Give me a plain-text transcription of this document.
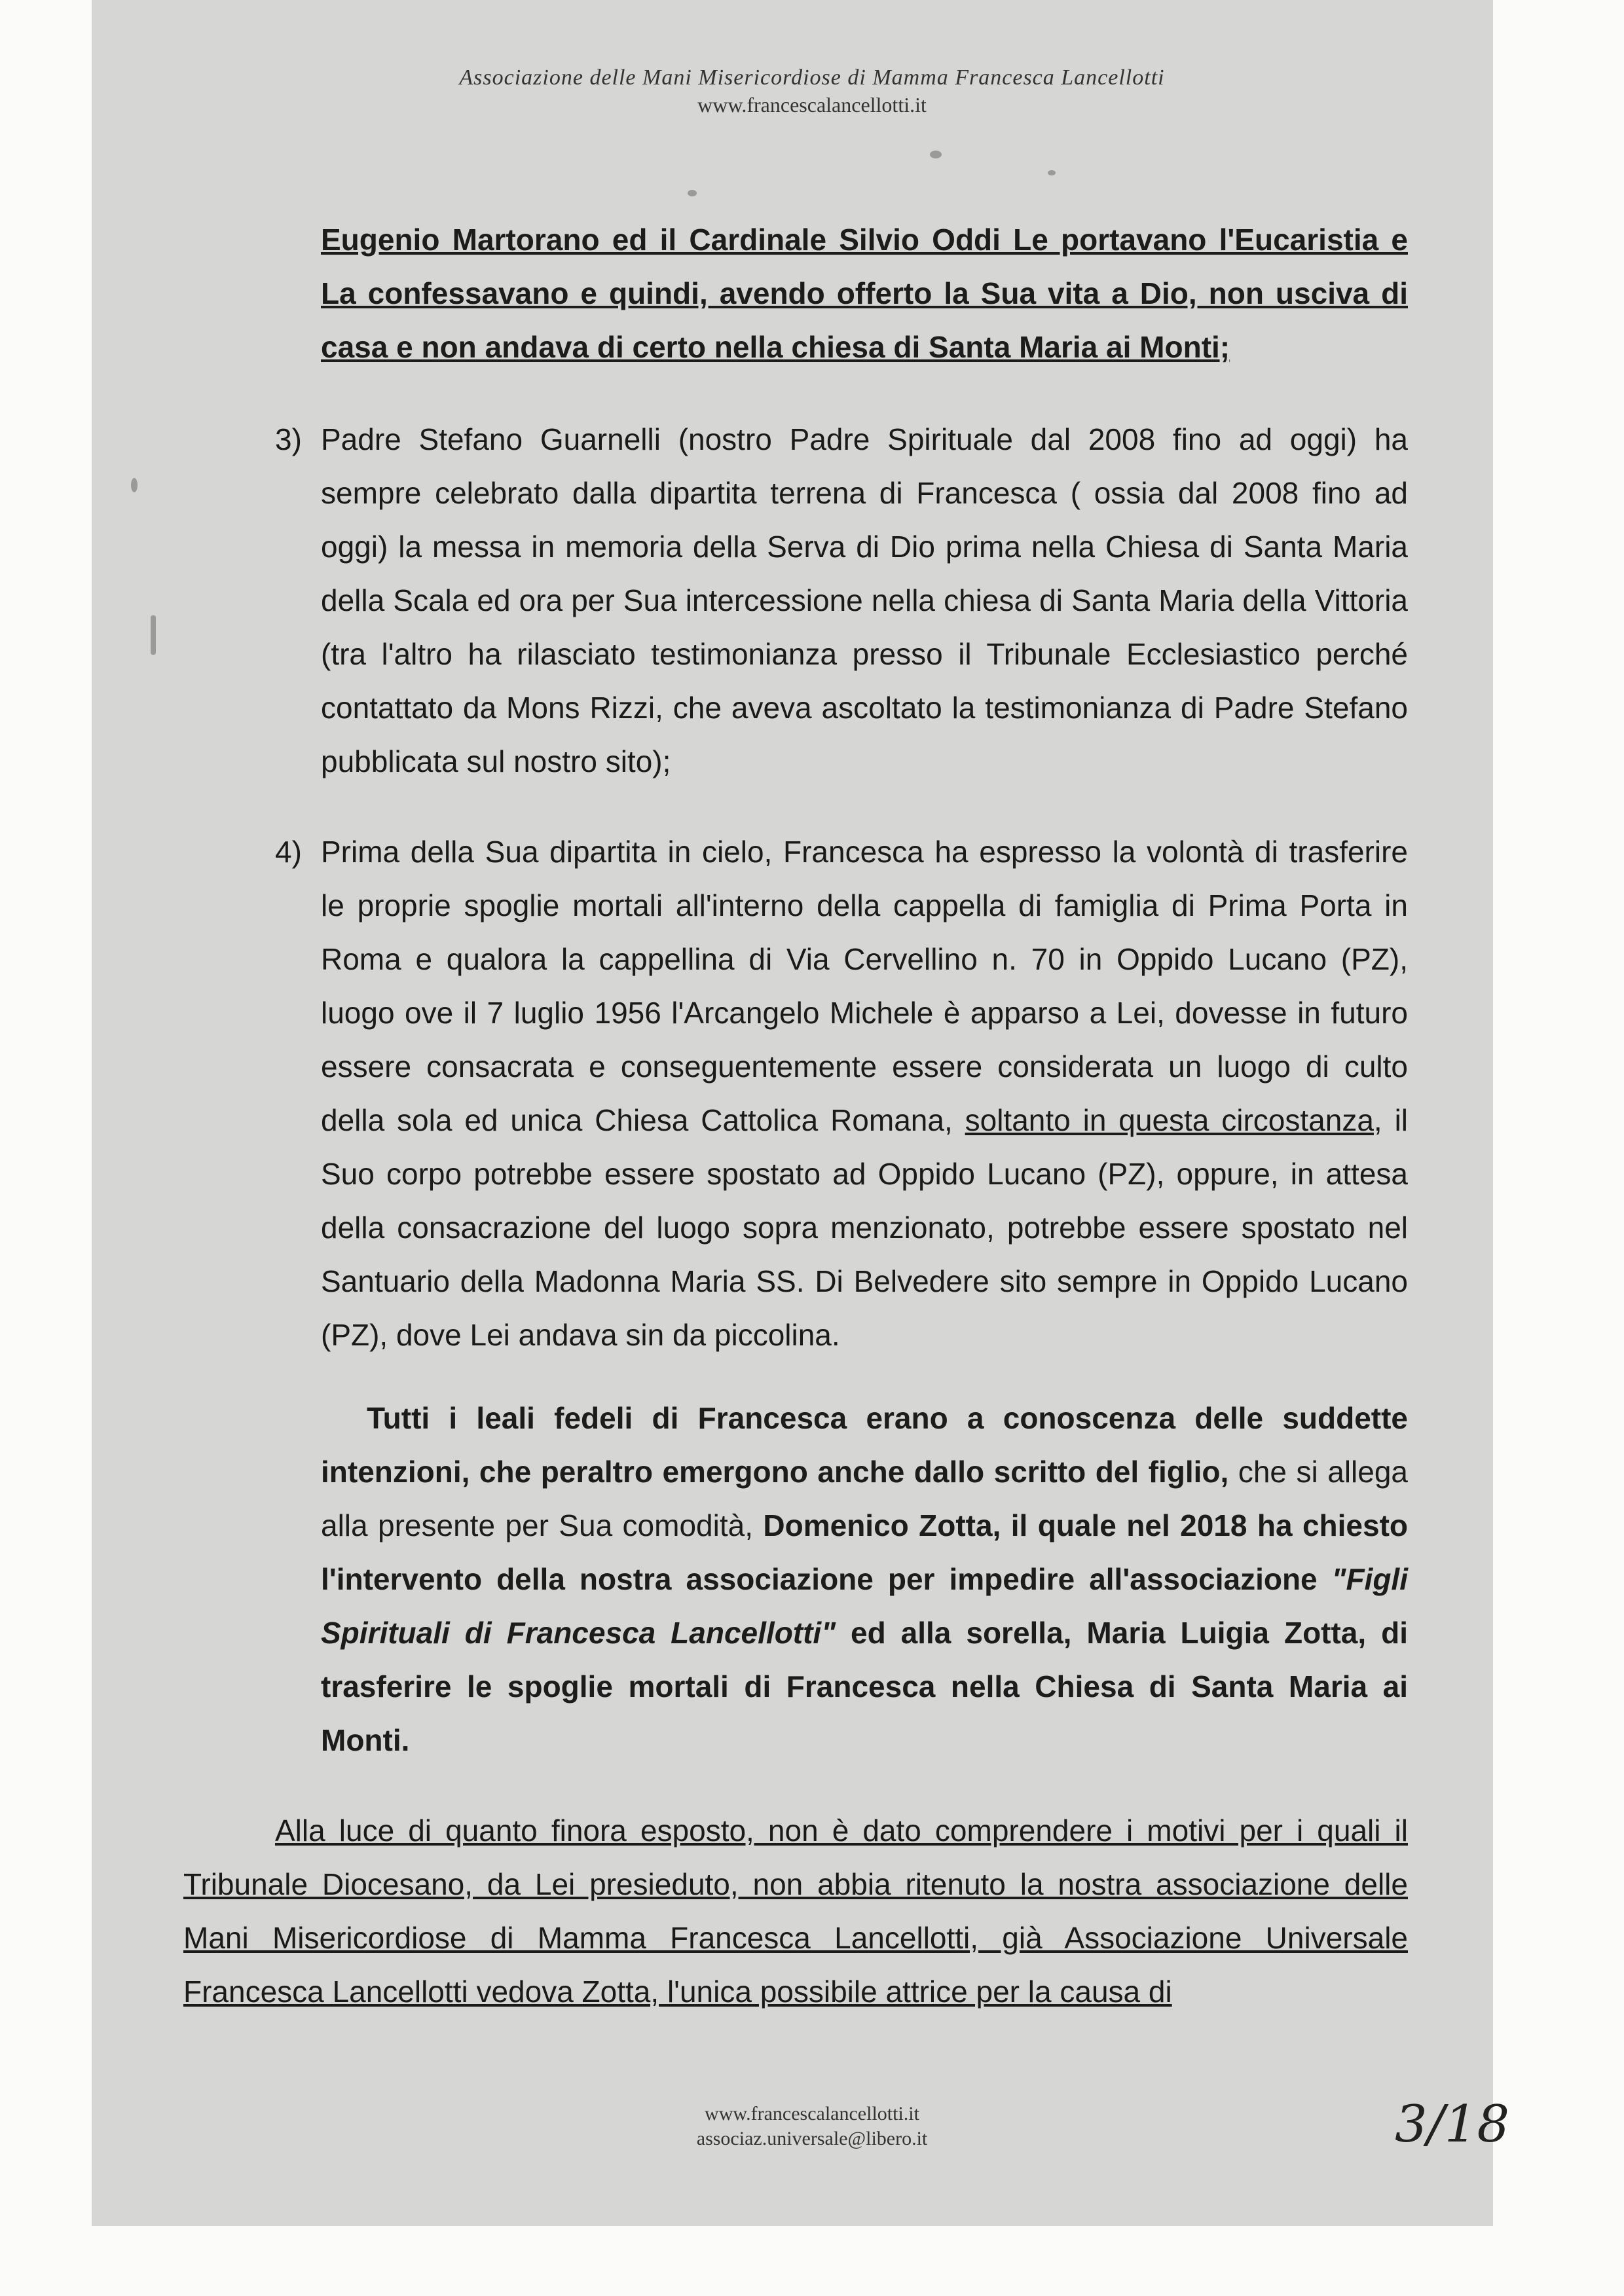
Associazione delle Mani Misericordiose di Mamma Francesca Lancellotti
www.francescalancellotti.it
Eugenio Martorano ed il Cardinale Silvio Oddi Le portavano l'Eucaristia e La confessavano e quindi, avendo offerto la Sua vita a Dio, non usciva di casa e non andava di certo nella chiesa di Santa Maria ai Monti;
3) Padre Stefano Guarnelli (nostro Padre Spirituale dal 2008 fino ad oggi) ha sempre celebrato dalla dipartita terrena di Francesca ( ossia dal 2008 fino ad oggi) la messa in memoria della Serva di Dio prima nella Chiesa di Santa Maria della Scala ed ora per Sua intercessione nella chiesa di Santa Maria della Vittoria (tra l'altro ha rilasciato testimonianza presso il Tribunale Ecclesiastico perché contattato da Mons Rizzi, che aveva ascoltato la testimonianza di Padre Stefano pubblicata sul nostro sito);
4) Prima della Sua dipartita in cielo, Francesca ha espresso la volontà di trasferire le proprie spoglie mortali all'interno della cappella di famiglia di Prima Porta in Roma e qualora la cappellina di Via Cervellino n. 70 in Oppido Lucano (PZ), luogo ove il 7 luglio 1956 l'Arcangelo Michele è apparso a Lei, dovesse in futuro essere consacrata e conseguentemente essere considerata un luogo di culto della sola ed unica Chiesa Cattolica Romana, soltanto in questa circostanza, il Suo corpo potrebbe essere spostato ad Oppido Lucano (PZ), oppure, in attesa della consacrazione del luogo sopra menzionato, potrebbe essere spostato nel Santuario della Madonna Maria SS. Di Belvedere sito sempre in Oppido Lucano (PZ), dove Lei andava sin da piccolina.
Tutti i leali fedeli di Francesca erano a conoscenza delle suddette intenzioni, che peraltro emergono anche dallo scritto del figlio, che si allega alla presente per Sua comodità, Domenico Zotta, il quale nel 2018 ha chiesto l'intervento della nostra associazione per impedire all'associazione "Figli Spirituali di Francesca Lancellotti" ed alla sorella, Maria Luigia Zotta, di trasferire le spoglie mortali di Francesca nella Chiesa di Santa Maria ai Monti.
Alla luce di quanto finora esposto, non è dato comprendere i motivi per i quali il Tribunale Diocesano, da Lei presieduto, non abbia ritenuto la nostra associazione delle Mani Misericordiose di Mamma Francesca Lancellotti, già Associazione Universale Francesca Lancellotti vedova Zotta, l'unica possibile attrice per la causa di
www.francescalancellotti.it
associaz.universale@libero.it	3/18
